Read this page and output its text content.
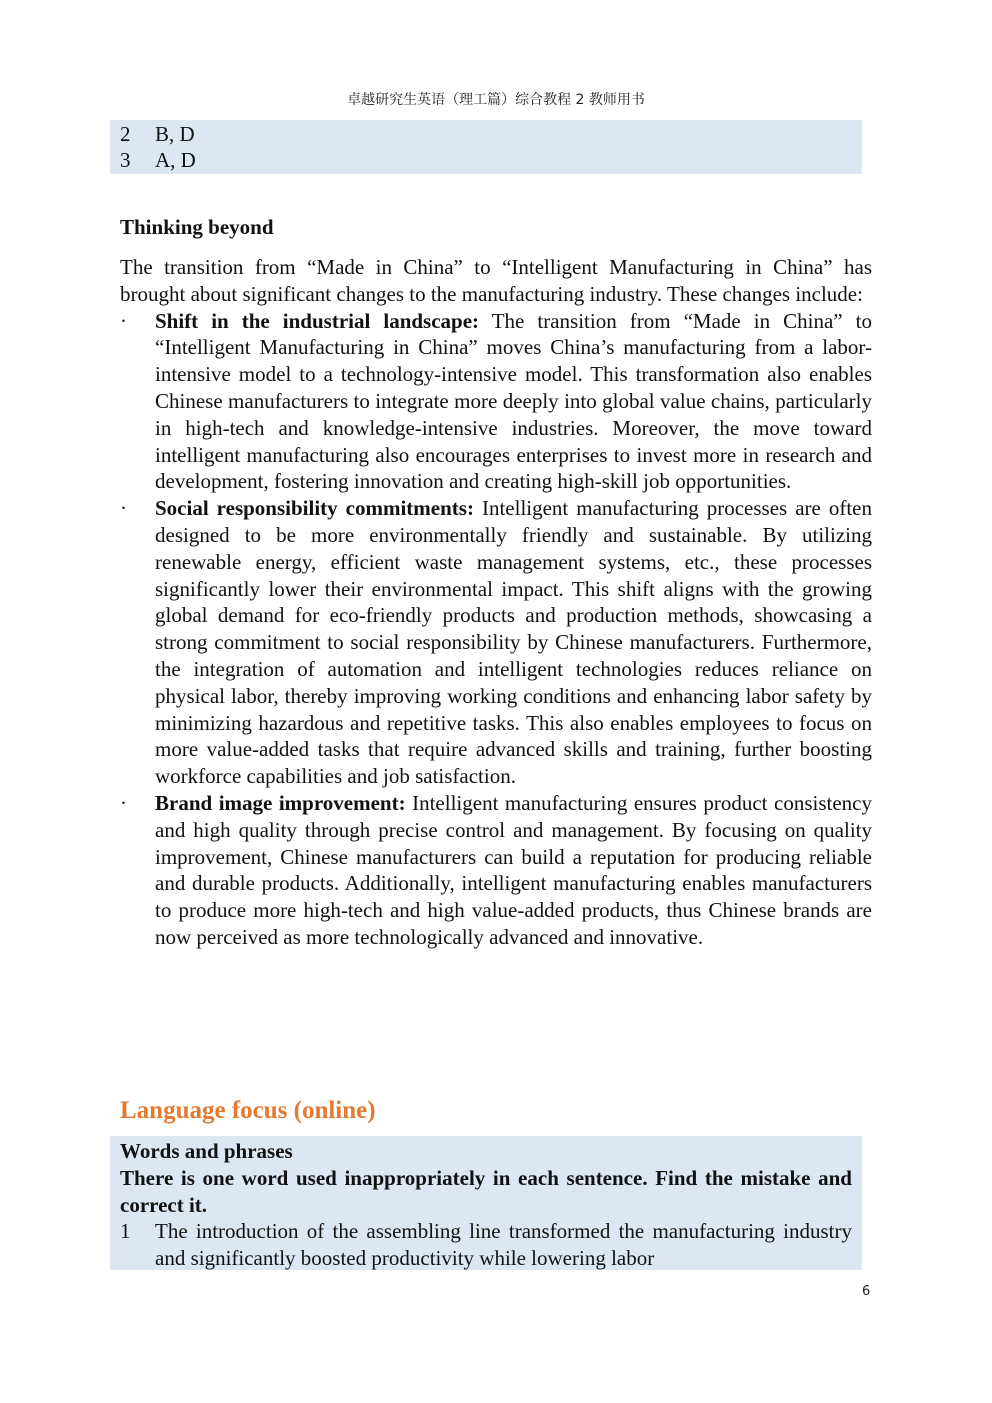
卓越研究生英语（理工篇）综合教程 2 教师用书
2 B, D
3 A, D
Thinking beyond

The transition from “Made in China” to “Intelligent Manufacturing in China” has brought about significant changes to the manufacturing industry. These changes include:

· Shift in the industrial landscape: The transition from “Made in China” to “Intelligent Manufacturing in China” moves China’s manufacturing from a labor-intensive model to a technology-intensive model. This transformation also enables Chinese manufacturers to integrate more deeply into global value chains, particularly in high-tech and knowledge-intensive industries. Moreover, the move toward intelligent manufacturing also encourages enterprises to invest more in research and development, fostering innovation and creating high-skill job opportunities.
· Social responsibility commitments: Intelligent manufacturing processes are often designed to be more environmentally friendly and sustainable. By utilizing renewable energy, efficient waste management systems, etc., these processes significantly lower their environmental impact. This shift aligns with the growing global demand for eco-friendly products and production methods, showcasing a strong commitment to social responsibility by Chinese manufacturers. Furthermore, the integration of automation and intelligent technologies reduces reliance on physical labor, thereby improving working conditions and enhancing labor safety by minimizing hazardous and repetitive tasks. This also enables employees to focus on more value-added tasks that require advanced skills and training, further boosting workforce capabilities and job satisfaction.
· Brand image improvement: Intelligent manufacturing ensures product consistency and high quality through precise control and management. By focusing on quality improvement, Chinese manufacturers can build a reputation for producing reliable and durable products. Additionally, intelligent manufacturing enables manufacturers to produce more high-tech and high value-added products, thus Chinese brands are now perceived as more technologically advanced and innovative.
Language focus (online)
Words and phrases
There is one word used inappropriately in each sentence. Find the mistake and correct it.
1 The introduction of the assembling line transformed the manufacturing industry and significantly boosted productivity while lowering labor
6
